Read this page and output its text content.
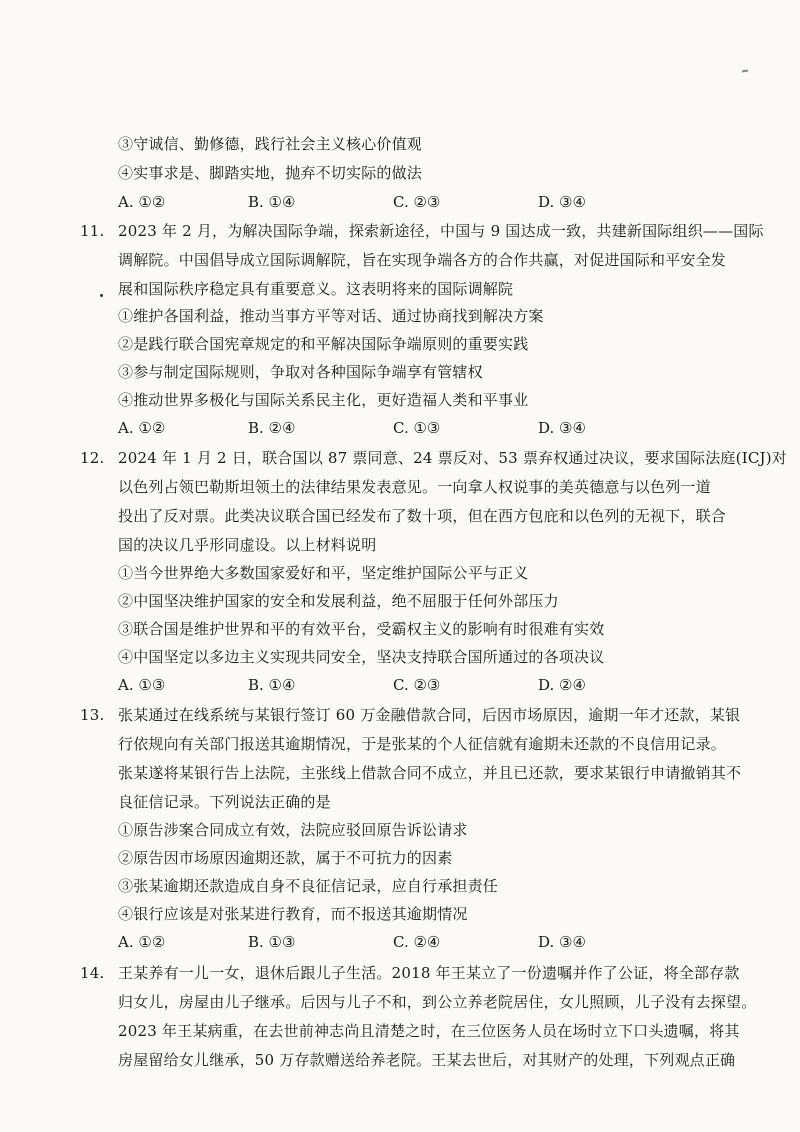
③守诚信、勤修德，践行社会主义核心价值观
④实事求是、脚踏实地，抛弃不切实际的做法
A. ①②	B. ①④	C. ②③	D. ③④
11. 2023 年 2 月，为解决国际争端，探索新途径，中国与 9 国达成一致，共建新国际组织——国际
调解院。中国倡导成立国际调解院，旨在实现争端各方的合作共赢，对促进国际和平安全发
展和国际秩序稳定具有重要意义。这表明将来的国际调解院
①维护各国利益，推动当事方平等对话、通过协商找到解决方案
②是践行联合国宪章规定的和平解决国际争端原则的重要实践
③参与制定国际规则，争取对各种国际争端享有管辖权
④推动世界多极化与国际关系民主化，更好造福人类和平事业
A. ①②	B. ②④	C. ①③	D. ③④
12. 2024 年 1 月 2 日，联合国以 87 票同意、24 票反对、53 票弃权通过决议，要求国际法庭(ICJ)对
以色列占领巴勒斯坦领土的法律结果发表意见。一向拿人权说事的美英德意与以色列一道
投出了反对票。此类决议联合国已经发布了数十项，但在西方包庇和以色列的无视下，联合
国的决议几乎形同虚设。以上材料说明
①当今世界绝大多数国家爱好和平，坚定维护国际公平与正义
②中国坚决维护国家的安全和发展利益，绝不屈服于任何外部压力
③联合国是维护世界和平的有效平台，受霸权主义的影响有时很难有实效
④中国坚定以多边主义实现共同安全，坚决支持联合国所通过的各项决议
A. ①③	B. ①④	C. ②③	D. ②④
13. 张某通过在线系统与某银行签订 60 万金融借款合同，后因市场原因，逾期一年才还款，某银
行依规向有关部门报送其逾期情况，于是张某的个人征信就有逾期未还款的不良信用记录。
张某遂将某银行告上法院，主张线上借款合同不成立，并且已还款，要求某银行申请撤销其不
良征信记录。下列说法正确的是
①原告涉案合同成立有效，法院应驳回原告诉讼请求
②原告因市场原因逾期还款，属于不可抗力的因素
③张某逾期还款造成自身不良征信记录，应自行承担责任
④银行应该是对张某进行教育，而不报送其逾期情况
A. ①②	B. ①③	C. ②④	D. ③④
14. 王某养有一儿一女，退休后跟儿子生活。2018 年王某立了一份遗嘱并作了公证，将全部存款
归女儿，房屋由儿子继承。后因与儿子不和，到公立养老院居住，女儿照顾，儿子没有去探望。
2023 年王某病重，在去世前神志尚且清楚之时，在三位医务人员在场时立下口头遗嘱，将其
房屋留给女儿继承，50 万存款赠送给养老院。王某去世后，对其财产的处理，下列观点正确
